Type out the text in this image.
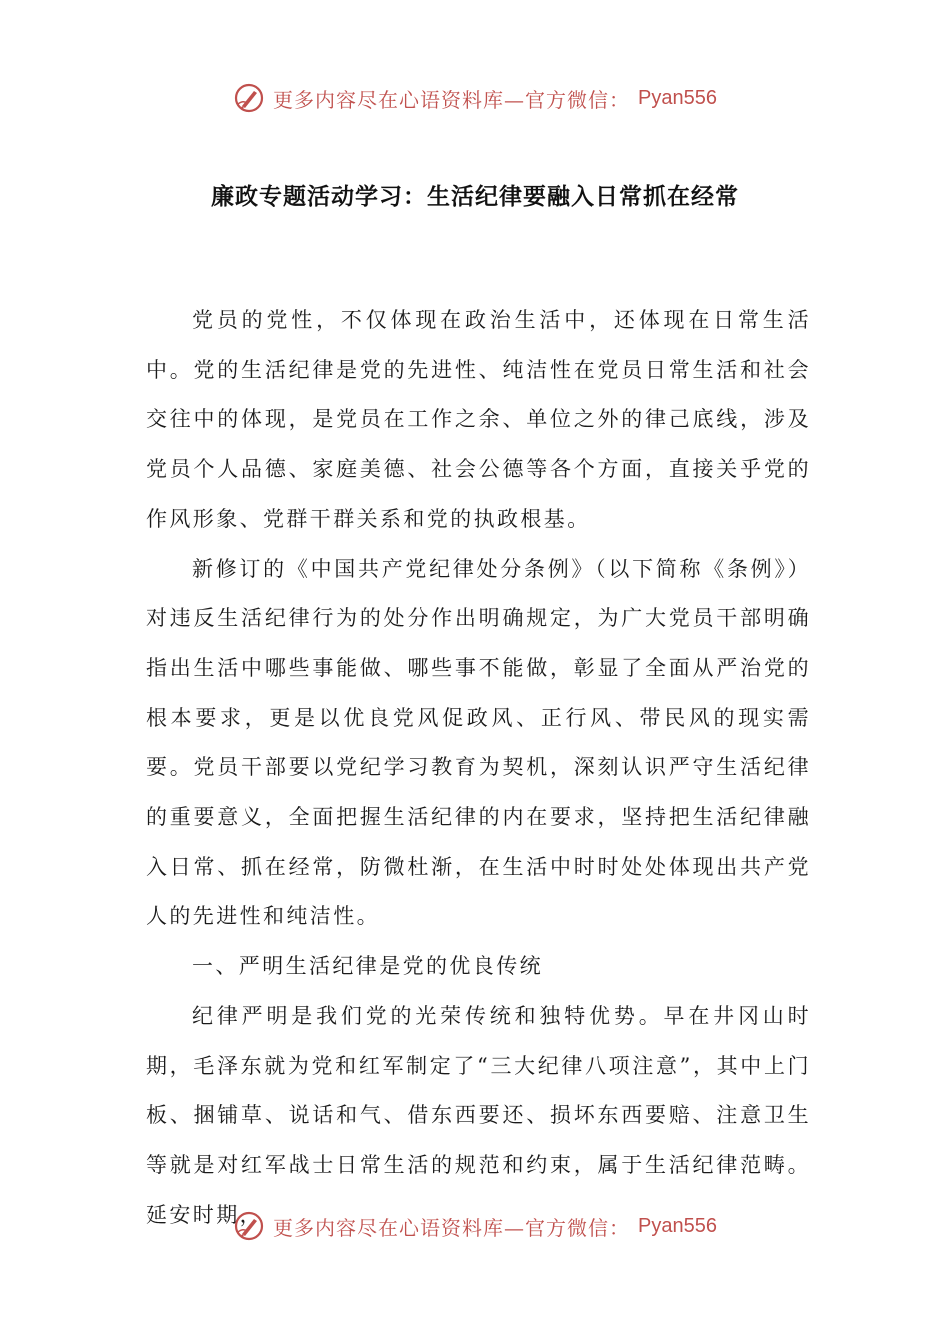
更多内容尽在心语资料库—官方微信： Pyan556
廉政专题活动学习：生活纪律要融入日常抓在经常

党员的党性，不仅体现在政治生活中，还体现在日常生活中。党的生活纪律是党的先进性、纯洁性在党员日常生活和社会交往中的体现，是党员在工作之余、单位之外的律己底线，涉及党员个人品德、家庭美德、社会公德等各个方面，直接关乎党的作风形象、党群干群关系和党的执政根基。

新修订的《中国共产党纪律处分条例》（以下简称《条例》）对违反生活纪律行为的处分作出明确规定，为广大党员干部明确指出生活中哪些事能做、哪些事不能做，彰显了全面从严治党的根本要求，更是以优良党风促政风、正行风、带民风的现实需要。党员干部要以党纪学习教育为契机，深刻认识严守生活纪律的重要意义，全面把握生活纪律的内在要求，坚持把生活纪律融入日常、抓在经常，防微杜渐，在生活中时时处处体现出共产党人的先进性和纯洁性。

一、严明生活纪律是党的优良传统

纪律严明是我们党的光荣传统和独特优势。早在井冈山时期，毛泽东就为党和红军制定了“三大纪律八项注意”，其中上门板、捆铺草、说话和气、借东西要还、损坏东西要赔、注意卫生等就是对红军战士日常生活的规范和约束，属于生活纪律范畴。延安时期，

更多内容尽在心语资料库—官方微信： Pyan556
